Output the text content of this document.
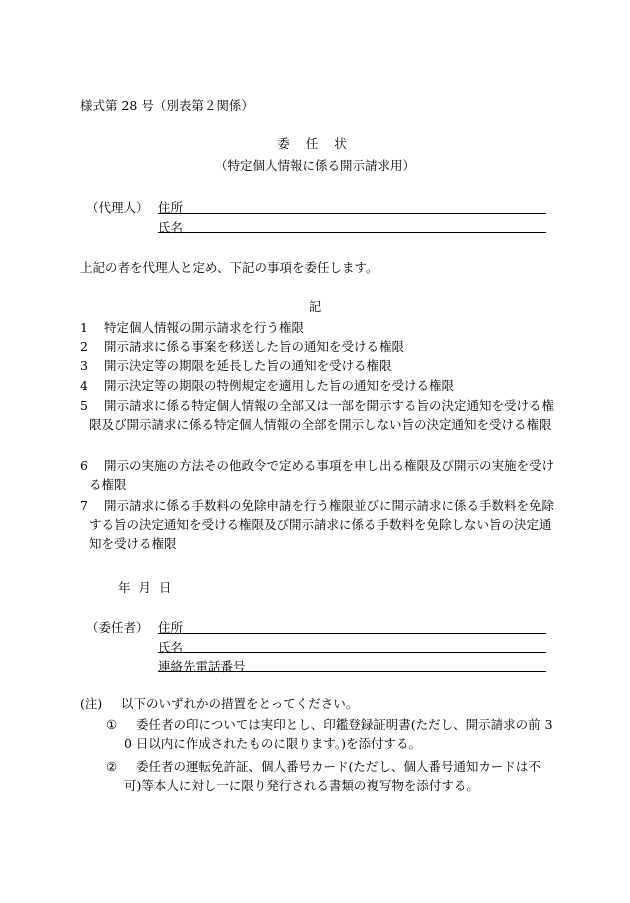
様式第 28 号（別表第２関係）
委 任 状
（特定個人情報に係る開示請求用）
（代理人） 住所
氏名
上記の者を代理人と定め、下記の事項を委任します。
記
1	特定個人情報の開示請求を行う権限
2	開示請求に係る事案を移送した旨の通知を受ける権限
3	開示決定等の期限を延長した旨の通知を受ける権限
4	開示決定等の期限の特例規定を適用した旨の通知を受ける権限
5	開示請求に係る特定個人情報の全部又は一部を開示する旨の決定通知を受ける権限及び開示請求に係る特定個人情報の全部を開示しない旨の決定通知を受ける権限
6	開示の実施の方法その他政令で定める事項を申し出る権限及び開示の実施を受ける権限
7	開示請求に係る手数料の免除申請を行う権限並びに開示請求に係る手数料を免除する旨の決定通知を受ける権限及び開示請求に係る手数料を免除しない旨の決定通知を受ける権限
年 月 日
（委任者） 住所
氏名
連絡先電話番号
(注) 以下のいずれかの措置をとってください。
①	委任者の印については実印とし、印鑑登録証明書(ただし、開示請求の前 30 日以内に作成されたものに限ります。)を添付する。
②	委任者の運転免許証、個人番号カード(ただし、個人番号通知カードは不可)等本人に対し一に限り発行される書類の複写物を添付する。
